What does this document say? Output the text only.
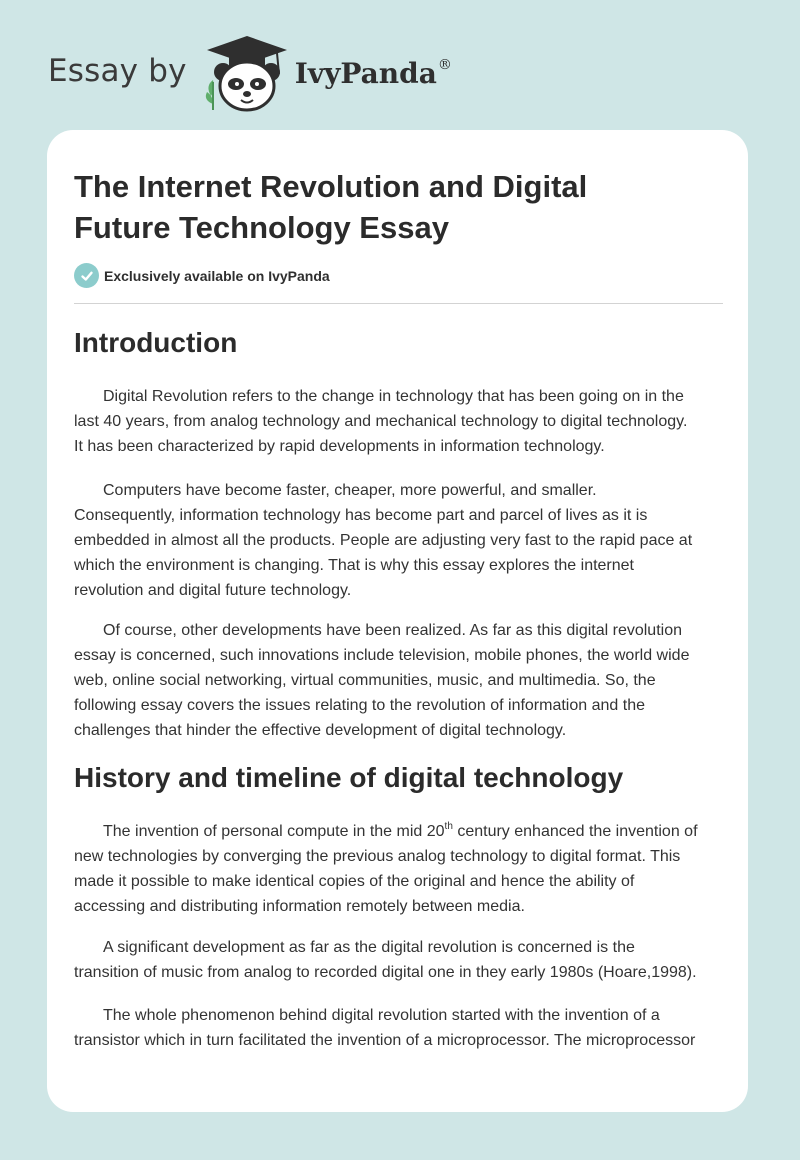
Essay by	IvyPanda®
The Internet Revolution and Digital
Future Technology Essay
Exclusively available on IvyPanda
Introduction

Digital Revolution refers to the change in technology that has been going on in the
last 40 years, from analog technology and mechanical technology to digital technology.
It has been characterized by rapid developments in information technology.

Computers have become faster, cheaper, more powerful, and smaller.
Consequently, information technology has become part and parcel of lives as it is
embedded in almost all the products. People are adjusting very fast to the rapid pace at
which the environment is changing. That is why this essay explores the internet
revolution and digital future technology.

Of course, other developments have been realized. As far as this digital revolution
essay is concerned, such innovations include television, mobile phones, the world wide
web, online social networking, virtual communities, music, and multimedia. So, the
following essay covers the issues relating to the revolution of information and the
challenges that hinder the effective development of digital technology.

History and timeline of digital technology

The invention of personal compute in the mid 20th century enhanced the invention of
new technologies by converging the previous analog technology to digital format. This
made it possible to make identical copies of the original and hence the ability of
accessing and distributing information remotely between media.

A significant development as far as the digital revolution is concerned is the
transition of music from analog to recorded digital one in they early 1980s (Hoare,1998).

The whole phenomenon behind digital revolution started with the invention of a
transistor which in turn facilitated the invention of a microprocessor. The microprocessor
